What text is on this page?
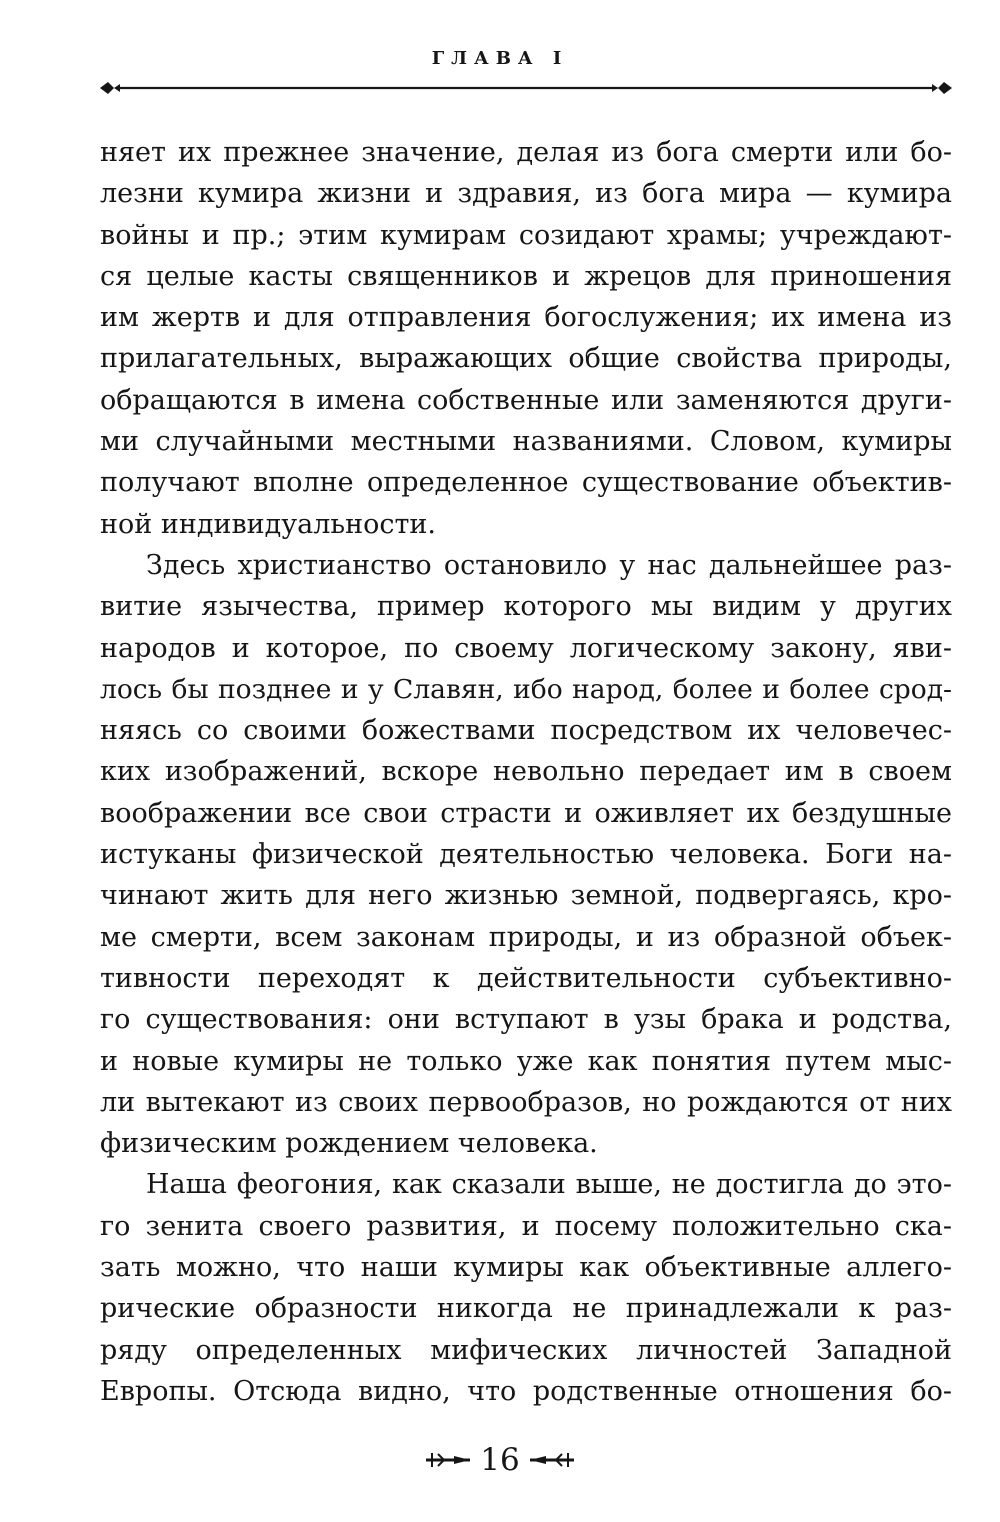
ГЛАВА I
няет их прежнее значение, делая из бога смерти или бо-
лезни кумира жизни и здравия, из бога мира — кумира
войны и пр.; этим кумирам созидают храмы; учреждают-
ся целые касты священников и жрецов для приношения
им жертв и для отправления богослужения; их имена из
прилагательных, выражающих общие свойства природы,
обращаются в имена собственные или заменяются други-
ми случайными местными названиями. Словом, кумиры
получают вполне определенное существование объектив-
ной индивидуальности.
Здесь христианство остановило у нас дальнейшее раз-
витие язычества, пример которого мы видим у других
народов и которое, по своему логическому закону, яви-
лось бы позднее и у Славян, ибо народ, более и более срод-
няясь со своими божествами посредством их человечес-
ких изображений, вскоре невольно передает им в своем
воображении все свои страсти и оживляет их бездушные
истуканы физической деятельностью человека. Боги на-
чинают жить для него жизнью земной, подвергаясь, кро-
ме смерти, всем законам природы, и из образной объек-
тивности переходят к действительности субъективно-
го существования: они вступают в узы брака и родства,
и новые кумиры не только уже как понятия путем мыс-
ли вытекают из своих первообразов, но рождаются от них
физическим рождением человека.
Наша феогония, как сказали выше, не достигла до это-
го зенита своего развития, и посему положительно ска-
зать можно, что наши кумиры как объективные аллего-
рические образности никогда не принадлежали к раз-
ряду определенных мифических личностей Западной
Европы. Отсюда видно, что родственные отношения бо-
16
